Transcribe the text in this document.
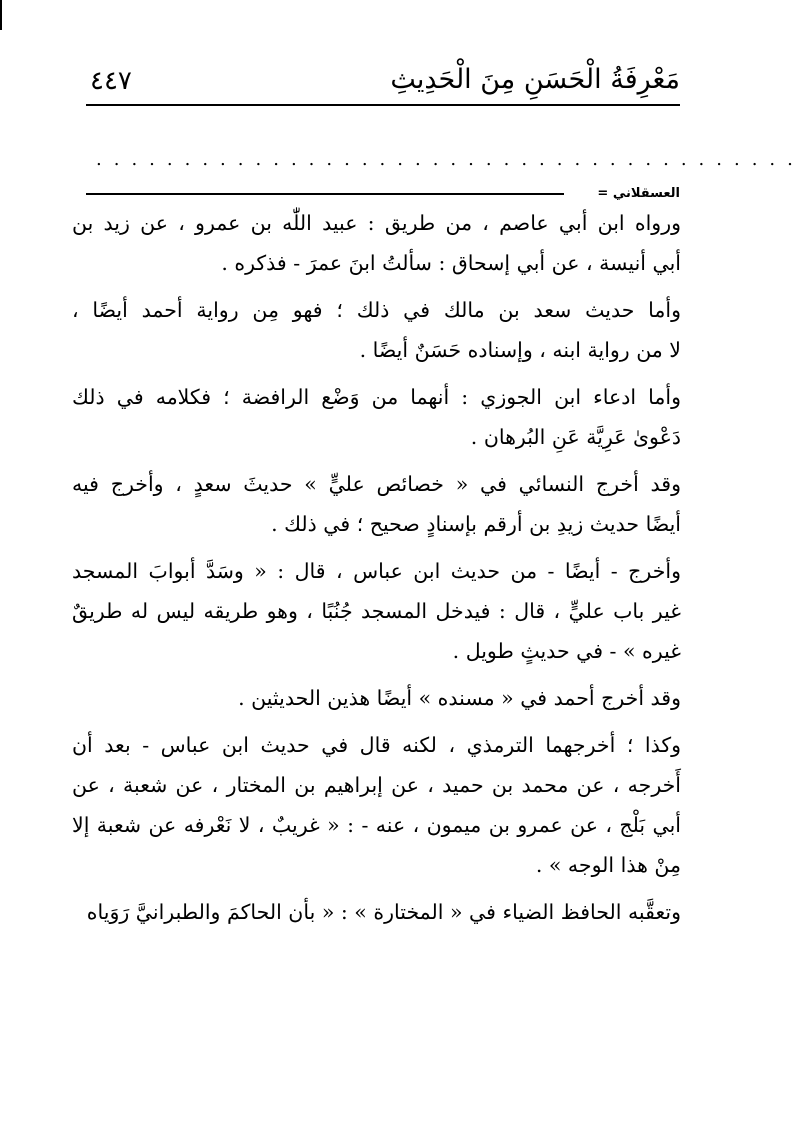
مَعْرِفَةُ الْحَسَنِ مِنَ الْحَدِيثِ
٤٤٧
........................................
العسقلاني =
ورواه ابن أبي عاصم ، من طريق : عبيد اللّٰه بن عمرو ، عن زيد بن
أبي أنيسة ، عن أبي إسحاق : سألتُ ابنَ عمرَ - فذكره .
وأما حديث سعد بن مالك في ذلك ؛ فهو مِن رواية أحمد أيضًا ،
لا من رواية ابنه ، وإسناده حَسَنٌ أيضًا .
وأما ادعاء ابن الجوزي : أنهما من وَضْع الرافضة ؛ فكلامه في ذلك
دَعْوىٰ عَرِيَّة عَنِ البُرهان .
وقد أخرج النسائي في « خصائص عليٍّ » حديثَ سعدٍ ، وأخرج فيه
أيضًا حديث زيدِ بن أرقم بإسنادٍ صحيح ؛ في ذلك .
وأخرج - أيضًا - من حديث ابن عباس ، قال : « وسَدَّ أبوابَ المسجد
غير باب عليٍّ ، قال : فيدخل المسجد جُنُبًا ، وهو طريقه ليس له طريقٌ
غيره » - في حديثٍ طويل .
وقد أخرج أحمد في « مسنده » أيضًا هذين الحديثين .
وكذا ؛ أخرجهما الترمذي ، لكنه قال في حديث ابن عباس - بعد أن
أَخرجه ، عن محمد بن حميد ، عن إبراهيم بن المختار ، عن شعبة ، عن
أبي بَلْج ، عن عمرو بن ميمون ، عنه - : « غريبٌ ، لا نَعْرفه عن شعبة إلا
مِنْ هذا الوجه » .
وتعقَّبه الحافظ الضياء في « المختارة » : « بأن الحاكمَ والطبرانيَّ رَوَياه
